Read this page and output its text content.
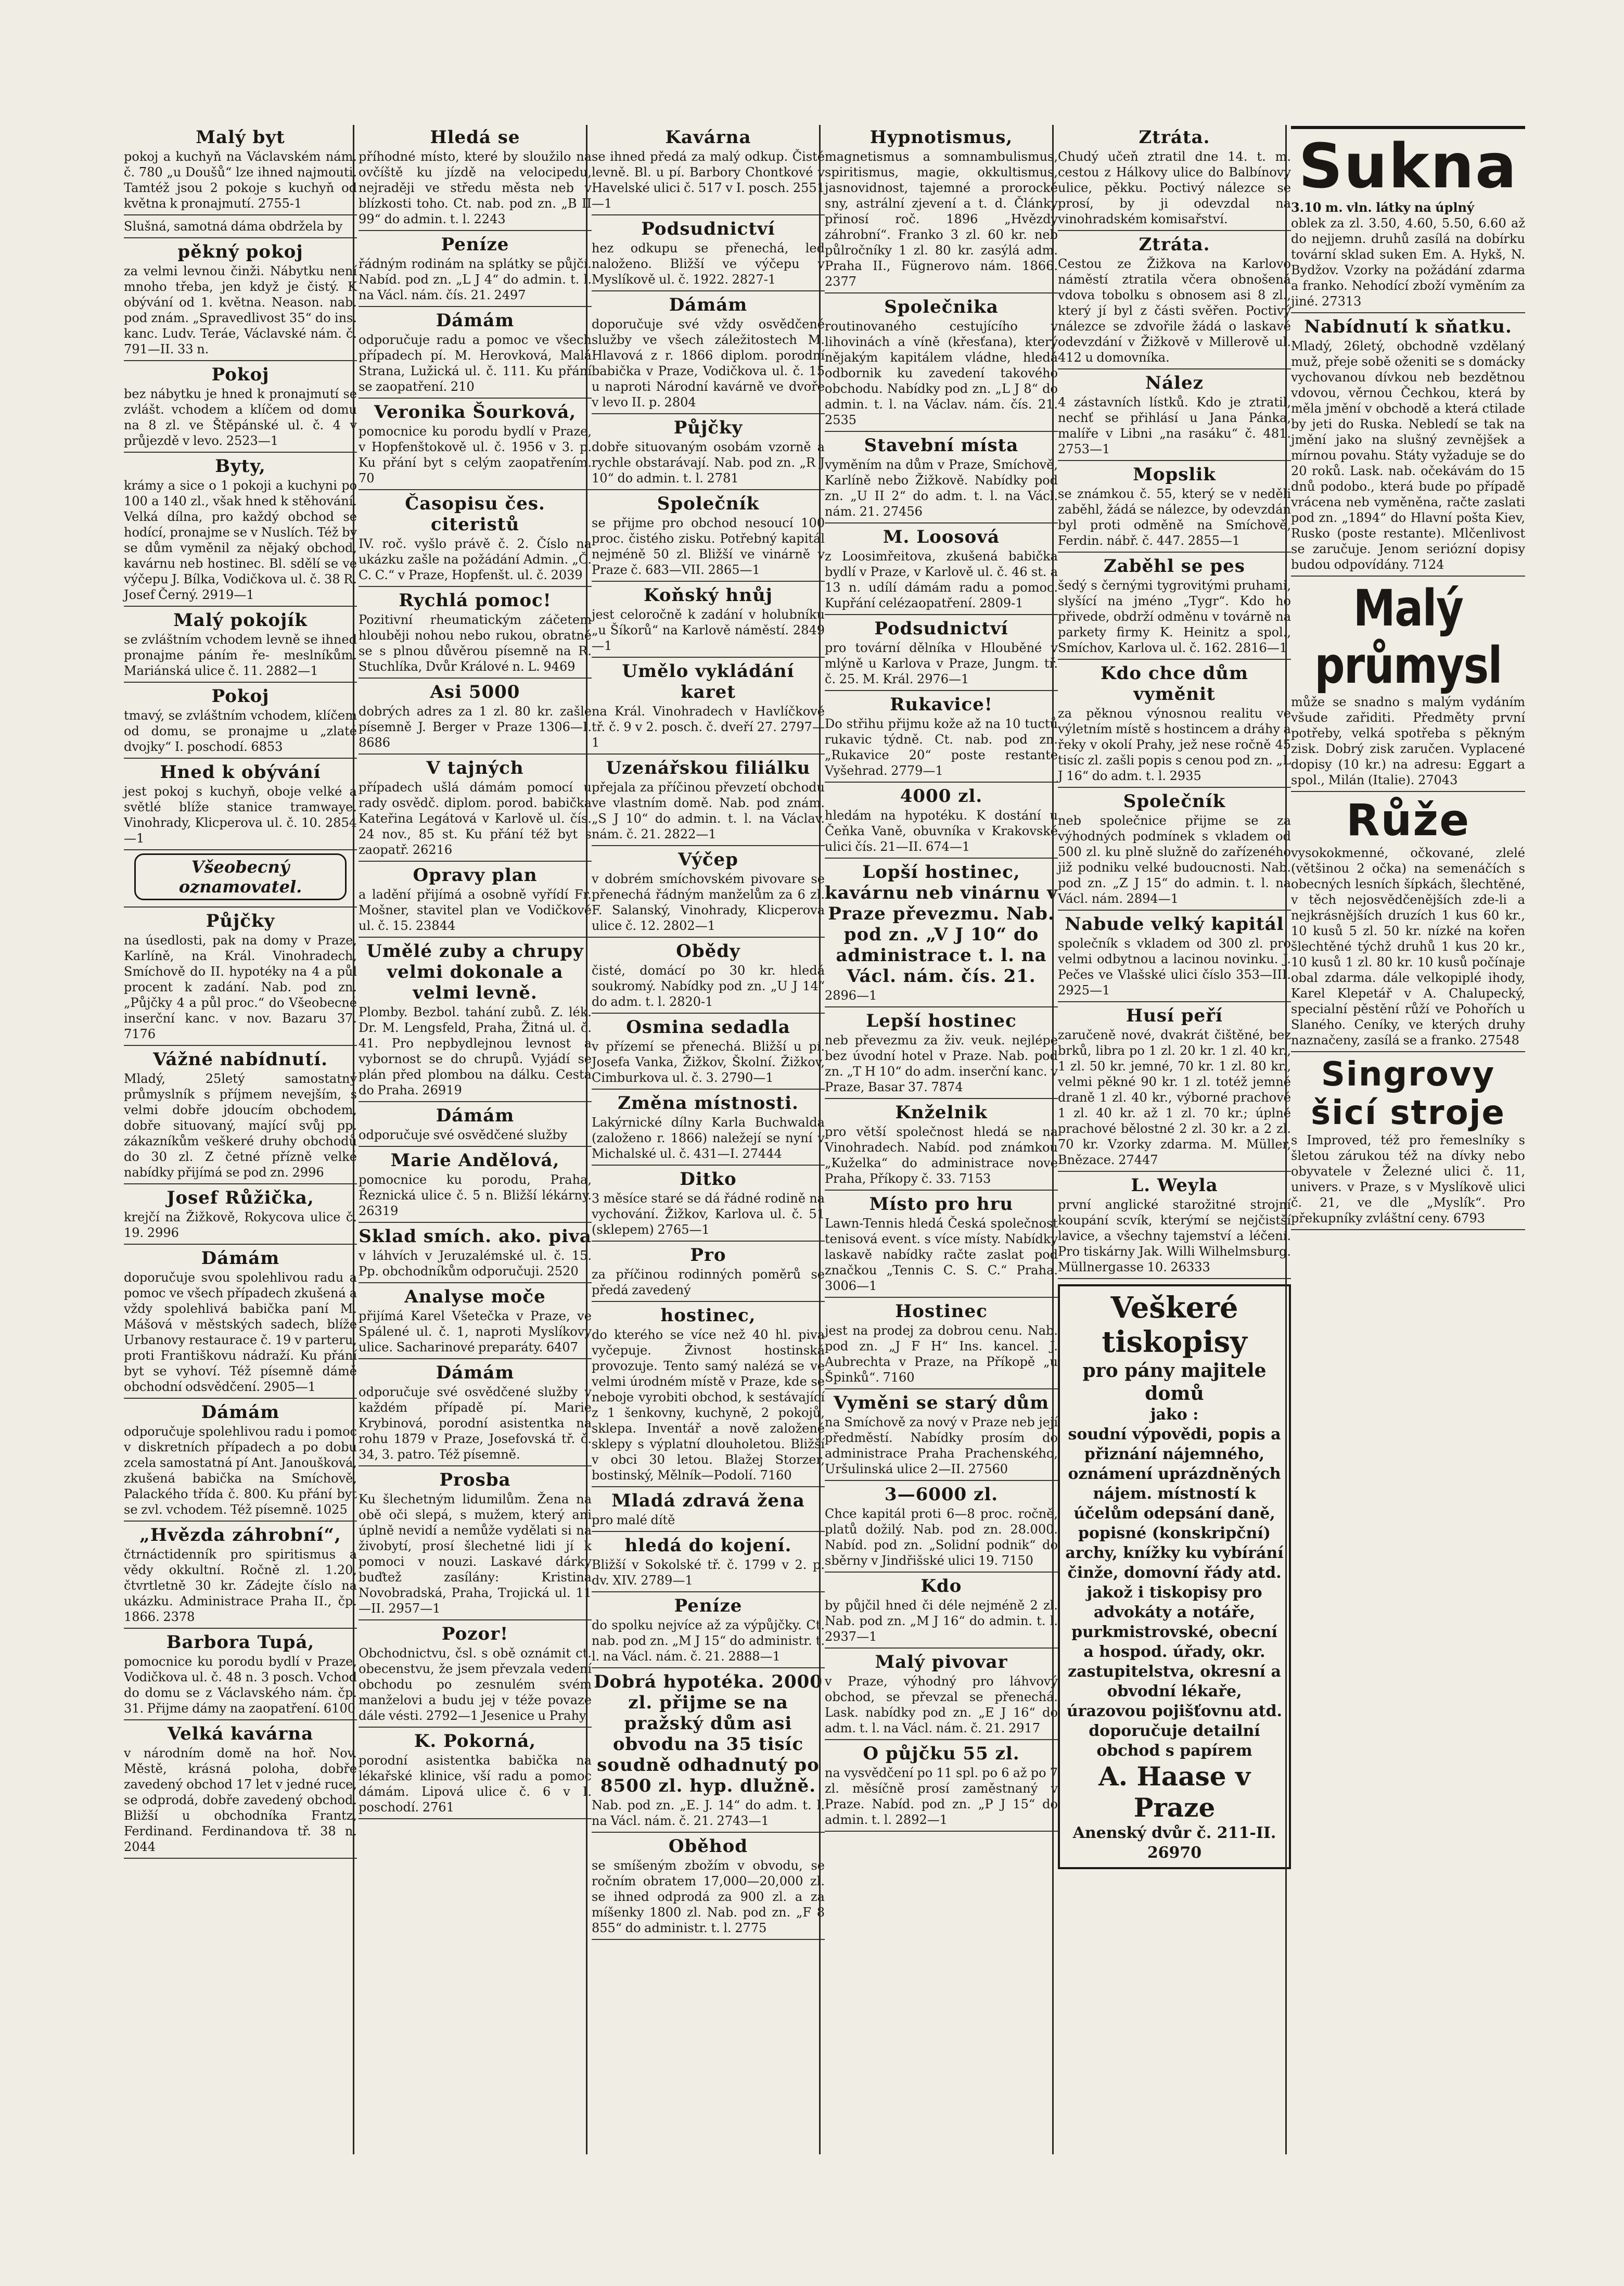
Malý byt
pokoj a kuchyň na Václavském nám. č. 780 „u Doušů“ lze ihned najmouti. Tamtéž jsou 2 pokoje s kuchyň od května k pronajmutí. 2755-1
Slušná, samotná dáma obdržela by
pěkný pokoj
za velmi levnou činži. Nábytku není mnoho třeba, jen když je čistý. K obývání od 1. května. Neason. nab. pod znám. „Spravedlivost 35“ do ins. kanc. Ludv. Teráe, Václavské nám. č. 791—II. 33 n.
Pokoj
bez nábytku je hned k pronajmutí se zvlášt. vchodem a klíčem od domu na 8 zl. ve Štěpánské ul. č. 4 v průjezdě v levo. 2523—1
Byty,
krámy a sice o 1 pokoji a kuchyni po 100 a 140 zl., však hned k stěhování. Velká dílna, pro každý obchod se hodící, pronajme se v Nuslích. Též by se dům vyměnil za nějaký obchod, kavárnu neb hostinec. Bl. sdělí se ve výčepu J. Bílka, Vodičkova ul. č. 38 R. Josef Černý. 2919—1
Malý pokojík
se zvláštním vchodem levně se ihned pronajme páním ře- meslníkům. Mariánská ulice č. 11. 2882—1
Pokoj
tmavý, se zvláštním vchodem, klíčem od domu, se pronajme u „zlaté dvojky“ I. poschodí. 6853
Hned k obývání
jest pokoj s kuchyň, oboje velké a světlé blíže stanice tramwaye. Vinohrady, Klicperova ul. č. 10. 2854—1
Všeobecný oznamovatel.
Půjčky
na úsedlosti, pak na domy v Praze, Karlíně, na Král. Vinohradech, Smíchově do II. hypotéky na 4 a půl procent k zadání. Nab. pod zn. „Půjčky 4 a půl proc.“ do Všeobecné inserční kanc. v nov. Bazaru 37. 7176
Vážné nabídnutí.
Mladý, 25letý samostatný průmyslník s příjmem nevejším, s velmi dobře jdoucím obchodem, dobře situovaný, mající svůj pp. zákazníkům veškeré druhy obchodů do 30 zl. Z četné přízně velké nabídky přijímá se pod zn. 2996
Josef Růžička,
krejčí na Žižkově, Rokycova ulice č. 19. 2996
Dámám
doporučuje svou spolehlivou radu a pomoc ve všech případech zkušená a vždy spolehlivá babička paní M. Mášová v městských sadech, blíže Urbanovy restaurace č. 19 v parteru, proti Františkovu nádraží. Ku přání byt se vyhoví. Též písemně dámě obchodní odsvědčení. 2905—1
Dámám
odporučuje spolehlivou radu i pomoc v diskretních případech a po dobu zcela samostatná pí Ant. Janoušková, zkušená babička na Smíchově, Palackého třída č. 800. Ku přání byt se zvl. vchodem. Též písemně. 1025
„Hvězda záhrobní“,
čtrnáctidenník pro spiritismus a vědy okkultní. Ročně zl. 1.20, čtvrtletně 30 kr. Zádejte číslo na ukázku. Administrace Praha II., čp. 1866. 2378
Barbora Tupá,
pomocnice ku porodu bydlí v Praze, Vodičkova ul. č. 48 n. 3 posch. Vchod do domu se z Václavského nám. čp. 31. Přijme dámy na zaopatření. 6100
Velká kavárna
v národním domě na hoř. Nov. Městě, krásná poloha, dobře zavedený obchod 17 let v jedné ruce, se odprodá, dobře zavedený obchod. Bližší u obchodníka Frantz, Ferdinand. Ferdinandova tř. 38 n. 2044
Hledá se
příhodné místo, které by sloužilo na ovčíště ku jízdě na velocipedu, nejraději ve středu města neb v blízkosti toho. Ct. nab. pod zn. „B II 99“ do admin. t. l. 2243
Peníze
řádným rodinám na splátky se půjčí. Nabíd. pod zn. „L J 4“ do admin. t. l. na Václ. nám. čís. 21. 2497
Dámám
odporučuje radu a pomoc ve všech případech pí. M. Herovková, Malá Strana, Lužická ul. č. 111. Ku přání se zaopatření. 210
Veronika Šourková,
pomocnice ku porodu bydlí v Praze, v Hopfenštokově ul. č. 1956 v 3. p. Ku přání byt s celým zaopatřením. 70
Časopisu čes. citeristů
IV. roč. vyšlo právě č. 2. Číslo na ukázku zašle na požádání Admin. „Č. C. C.“ v Praze, Hopfenšt. ul. č. 2039
Rychlá pomoc!
Pozitivní rheumatickým záčetem hlouběji nohou nebo rukou, obratně se s plnou důvěrou písemně na R. Stuchlíka, Dvůr Králové n. L. 9469
Asi 5000
dobrých adres za 1 zl. 80 kr. zašle písemně J. Berger v Praze 1306—I. 8686
V tajných
případech ušlá dámám pomocí u rady osvědč. diplom. porod. babička Kateřina Legátová v Karlově ul. čís. 24 nov., 85 st. Ku přání též byt s zaopatř. 26216
Opravy plan
a ladění přijímá a osobně vyřídí Fr. Mošner, stavitel plan ve Vodičkově ul. č. 15. 23844
Umělé zuby a chrupy velmi dokonale a velmi levně.
Plomby. Bezbol. tahání zubů. Z. lék. Dr. M. Lengsfeld, Praha, Žitná ul. č. 41. Pro nepbydlejnou levnost a vybornost se do chrupů. Vyjádí se plán před plombou na dálku. Cesta do Praha. 26919
Dámám
odporučuje své osvědčené služby
Marie Andělová,
pomocnice ku porodu, Praha, Řeznická ulice č. 5 n. Bližší lékárny. 26319
Sklad smích. ako. piva
v láhvích v Jeruzalémské ul. č. 15. Pp. obchodníkům odporučuji. 2520
Analyse moče
přijímá Karel Všetečka v Praze, ve Spálené ul. č. 1, naproti Myslíkovy ulice. Sacharinové preparáty. 6407
Dámám
odporučuje své osvědčené služby v každém případě pí. Marie Krybinová, porodní asistentka na rohu 1879 v Praze, Josefovská tř. č. 34, 3. patro. Též písemně.
Prosba
Ku šlechetným lidumilům. Žena na obě oči slepá, s mužem, který ani úplně nevidí a nemůže vydělati si na živobytí, prosí šlechetné lidi jí k pomoci v nouzi. Laskavé dárky buďtež zasílány: Kristina Novobradská, Praha, Trojická ul. 11—II. 2957—1
Pozor!
Obchodnictvu, čsl. s obě oznámit ct. obecenstvu, že jsem převzala vedení obchodu po zesnulém svém manželovi a budu jej v téže povaze dále vésti. 2792—1 Jesenice u Prahy.
K. Pokorná,
porodní asistentka babička na lékařské klinice, vší radu a pomoc dámám. Lipová ulice č. 6 v I. poschodí. 2761
Kavárna
se ihned předá za malý odkup. Čisté levně. Bl. u pí. Barbory Chontkové v Havelské ulici č. 517 v I. posch. 2551—1
Podsudnictví
hez odkupu se přenechá, led naloženo. Bližší ve výčepu v Myslíkově ul. č. 1922. 2827-1
Dámám
doporučuje své vždy osvědčené služby ve všech záležitostech M. Hlavová z r. 1866 diplom. porodní babička v Praze, Vodičkova ul. č. 15 u naproti Národní kavárně ve dvoře v levo II. p. 2804
Půjčky
dobře situovaným osobám vzorně a rychle obstarávají. Nab. pod zn. „R J 10“ do admin. t. l. 2781
Společník
se přijme pro obchod nesoucí 100 proc. čistého zisku. Potřebný kapitál nejméně 50 zl. Bližší ve vinárně v Praze č. 683—VII. 2865—1
Koňský hnůj
jest celoročně k zadání v holubníku „u Šíkorů“ na Karlově náměstí. 2849—1
Umělo vykládání karet
na Král. Vinohradech v Havlíčkově tř. č. 9 v 2. posch. č. dveří 27. 2797—1
Uzenářskou filiálku
přejala za příčinou převzetí obchodu ve vlastním domě. Nab. pod znám. „S J 10“ do admin. t. l. na Václav. nám. č. 21. 2822—1
Výčep
v dobrém smíchovském pivovare se přenechá řádným manželům za 6 zl. F. Salanský, Vinohrady, Klicperova ulice č. 12. 2802—1
Obědy
čisté, domácí po 30 kr. hledá soukromý. Nabídky pod zn. „U J 14“ do adm. t. l. 2820-1
Osmina sedadla
v přízemí se přenechá. Bližší u pí. Josefa Vanka, Žižkov, Školní. Žižkov, Cimburkova ul. č. 3. 2790—1
Změna místnosti.
Lakýrnické dílny Karla Buchwalda (založeno r. 1866) naležejí se nyní v Michalské ul. č. 431—I. 27444
Ditko
3 měsíce staré se dá řádné rodině na vychování. Žižkov, Karlova ul. č. 51 (sklepem) 2765—1
Pro
za příčinou rodinných poměrů se předá zavedený
hostinec,
do kterého se více než 40 hl. piva vyčepuje. Živnost hostinská provozuje. Tento samý nalézá se ve velmi úrodném místě v Praze, kde se neboje vyrobiti obchod, k sestávající z 1 šenkovny, kuchyně, 2 pokojů, sklepa. Inventář a nově založené sklepy s výplatní dlouholetou. Bližší v obci 30 letou. Blažej Storzer, bostinský, Mělník—Podolí. 7160
Mladá zdravá žena
pro malé dítě
hledá do kojení.
Bližší v Sokolské tř. č. 1799 v 2. p. dv. XIV. 2789—1
Peníze
do spolku nejvíce až za výpůjčky. Ct. nab. pod zn. „M J 15“ do administr. t. l. na Václ. nám. č. 21. 2888—1
Dobrá hypotéka. 2000 zl. přijme se na pražský dům asi obvodu na 35 tisíc soudně odhadnutý po 8500 zl. hyp. dlužně.
Nab. pod zn. „E. J. 14“ do adm. t. l. na Václ. nám. č. 21. 2743—1
Oběhod
se smíšeným zbožím v obvodu, se ročním obratem 17,000—20,000 zl. se ihned odprodá za 900 zl. a za míšenky 1800 zl. Nab. pod zn. „F 8 855“ do administr. t. l. 2775
Hypnotismus,
magnetismus a somnambulismus, spiritismus, magie, okkultismus, jasnovidnost, tajemné a prorocké sny, astrální zjevení a t. d. Články přinosí roč. 1896 „Hvězdy záhrobní“. Franko 3 zl. 60 kr. neb půlročníky 1 zl. 80 kr. zasýlá adm. Praha II., Fügnerovo nám. 1866. 2377
Společnika
routinovaného cestujícího v lihovinách a víně (křesťana), který nějakým kapitálem vládne, hledá odbornik ku zavedení takového obchodu. Nabídky pod zn. „L J 8“ do admin. t. l. na Václav. nám. čís. 21. 2535
Stavební místa
vyměním na dům v Praze, Smíchově, Karlíně nebo Žižkově. Nabídky pod zn. „U II 2“ do adm. t. l. na Václ. nám. 21. 27456
M. Loosová
z Loosimřeitova, zkušená babička bydlí v Praze, v Karlově ul. č. 46 st. a 13 n. udílí dámám radu a pomoc. Kupřání celézaopatření. 2809-1
Podsudnictví
pro tovární dělníka v Hlouběné v mlýně u Karlova v Praze, Jungm. tř. č. 25. M. Král. 2976—1
Rukavice!
Do střihu přijmu kože až na 10 tuctů rukavic týdně. Ct. nab. pod zn. „Rukavice 20“ poste restante Vyšehrad. 2779—1
4000 zl.
hledám na hypotéku. K dostání u Čeňka Vaně, obuvníka v Krakovské ulici čís. 21—II. 674—1
Lopší hostinec, kavárnu neb vinárnu v Praze převezmu. Nab. pod zn. „V J 10“ do administrace t. l. na Václ. nám. čís. 21.
2896—1
Lepší hostinec
neb převezmu za živ. veuk. nejlépe bez úvodní hotel v Praze. Nab. pod zn. „T H 10“ do adm. inserční kanc. v Praze, Basar 37. 7874
Knželnik
pro větší společnost hledá se na Vinohradech. Nabíd. pod známkou „Kuželka“ do administrace nove Praha, Příkopy č. 33. 7153
Místo pro hru
Lawn-Tennis hledá Česká společnost tenisová event. s více místy. Nabídky laskavě nabídky račte zaslat pod značkou „Tennis C. S. C.“ Praha. 3006—1
Hostinec
jest na prodej za dobrou cenu. Nab. pod zn. „J F H“ Ins. kancel. J. Aubrechta v Praze, na Příkopě „u Špinků“. 7160
Vyměni se starý dům
na Smíchově za nový v Praze neb její předměstí. Nabídky prosím do administrace Praha Prachenského, Uršulinská ulice 2—II. 27560
3—6000 zl.
Chce kapitál proti 6—8 proc. ročně, platů dožilý. Nab. pod zn. 28.000. Nabíd. pod zn. „Solidní podnik“ do sběrny v Jindřišské ulici 19. 7150
Kdo
by půjčil hned či déle nejméně 2 zl. Nab. pod zn. „M J 16“ do admin. t. l. 2937—1
Malý pivovar
v Praze, výhodný pro láhvový obchod, se převzal se přenechá. Lask. nabídky pod zn. „E J 16“ do adm. t. l. na Václ. nám. č. 21. 2917
O půjčku 55 zl.
na vysvědčení po 11 spl. po 6 až po 7 zl. měsíčně prosí zaměstnaný v Praze. Nabíd. pod zn. „P J 15“ do admin. t. l. 2892—1
Ztráta.
Chudý učeň ztratil dne 14. t. m. cestou z Hálkovy ulice do Balbínovy ulice, pěkku. Poctivý nálezce se prosí, by ji odevzdal na vinohradském komisařství.
Ztráta.
Cestou ze Žižkova na Karlovo náměstí ztratila včera obnošená vdova tobolku s obnosem asi 8 zl., který jí byl z části svěřen. Poctivý nálezce se zdvořile žádá o laskavé odevzdání v Žižkově v Millerově ul. 412 u domovníka.
Nález
4 zástavních lístků. Kdo je ztratil, nechť se přihlásí u Jana Pánka, malíře v Libni „na rasáku“ č. 481. 2753—1
Mopslik
se známkou č. 55, který se v neděli zaběhl, žádá se nálezce, by odevzdán byl proti odměně na Smíchově, Ferdin. nábř. č. 447. 2855—1
Zaběhl se pes
šedý s černými tygrovitými pruhami, slyšící na jméno „Tygr“. Kdo ho přivede, obdrží odměnu v továrně na parkety firmy K. Heinitz a spol., Smíchov, Karlova ul. č. 162. 2816—1
Kdo chce dům vyměnit
za pěknou výnosnou realitu ve výletním místě s hostincem a dráhy a řeky v okolí Prahy, jež nese ročně 45 tisíc zl. zašli popis s cenou pod zn. „L J 16“ do adm. t. l. 2935
Společník
neb společnice přijme se za výhodných podmínek s vkladem od 500 zl. ku plně služně do zařízeného již podniku velké budoucnosti. Nab. pod zn. „Z J 15“ do admin. t. l. na Václ. nám. 2894—1
Nabude velký kapitál
společník s vkladem od 300 zl. pro velmi odbytnou a lacinou novinku. J. Pečes ve Vlašské ulici číslo 353—III. 2925—1
Husí peří
zaručeně nové, dvakrát čištěné, bez brků, libra po 1 zl. 20 kr. 1 zl. 40 kr., 1 zl. 50 kr. jemné, 70 kr. 1 zl. 80 kr., velmi pěkné 90 kr. 1 zl. totéž jemné draně 1 zl. 40 kr., výborné prachové 1 zl. 40 kr. až 1 zl. 70 kr.; úplně prachové bělostné 2 zl. 30 kr. a 2 zl. 70 kr. Vzorky zdarma. M. Müller, Bnězace. 27447
L. Weyla
první anglické starožitné strojní koupání scvík, kterýmí se nejčistší lavice, a všechny tajemství a léčení. Pro tiskárny Jak. Willi Wilhelmsburg. Müllnergasse 10. 26333
Veškeré tiskopisy
pro pány majitele domů
jako :
soudní výpovědi, popis a přiznání nájemného, oznámení uprázdněných nájem. místností k účelům odepsání daně, popisné (konskripční) archy, knížky ku vybírání činže, domovní řády atd.
jakož i tiskopisy pro
advokáty a notáře, purkmistrovské, obecní a hospod. úřady, okr. zastupitelstva, okresní a obvodní lékaře, úrazovou pojišťovnu atd.
doporučuje detailní obchod s papírem
A. Haase v Praze
Anenský dvůr č. 211-II. 26970
Sukna
3.10 m. vln. látky na úplný
oblek za zl. 3.50, 4.60, 5.50, 6.60 až do nejjemn. druhů zasílá na dobírku tovární sklad suken Em. A. Hykš, N. Bydžov. Vzorky na požádání zdarma a franko. Nehodící zboží vyměním za jiné. 27313
Nabídnutí k sňatku.
Mladý, 26letý, obchodně vzdělaný muž, přeje sobě oženiti se s domácky vychovanou dívkou neb bezdětnou vdovou, věrnou Čechkou, která by měla jmění v obchodě a která ctilade by jeti do Ruska. Nebledí se tak na jmění jako na slušný zevnějšek a mírnou povahu. Státy vyžaduje se do 20 roků. Lask. nab. očekávám do 15 dnů podobo., která bude po případě vrácena neb vyměněna, račte zaslati pod zn. „1894“ do Hlavní pošta Kiev, Rusko (poste restante). Mlčenlivost se zaručuje. Jenom seriózní dopisy budou odpovídány. 7124
Malý průmysl
může se snadno s malým vydáním všude zařiditi. Předměty první potřeby, velká spotřeba s pěkným zisk. Dobrý zisk zaručen. Vyplacené dopisy (10 kr.) na adresu: Eggart a spol., Milán (Italie). 27043
Růže
vysokokmenné, očkované, zlelé (většinou 2 očka) na semenáčích s obecných lesních šípkách, šlechtěné, v těch nejosvědčenějších zde-li a nejkrásnějších druzích 1 kus 60 kr., 10 kusů 5 zl. 50 kr. nízké na kořen šlechtěné týchž druhů 1 kus 20 kr., 10 kusů 1 zl. 80 kr. 10 kusů počínaje obal zdarma. dále velkopiplé ihody, Karel Klepetář v A. Chalupecký, specialní pěstění růží ve Pohořích u Slaného. Ceníky, ve kterých druhy naznačeny, zasílá se a franko. 27548
Singrovy šicí stroje
s Improved, též pro řemeslníky s šletou zárukou též na dívky nebo obyvatele v Železné ulici č. 11, univers. v Praze, s v Myslíkově ulici č. 21, ve dle „Myslík“. Pro překupníky zvláštní ceny. 6793
